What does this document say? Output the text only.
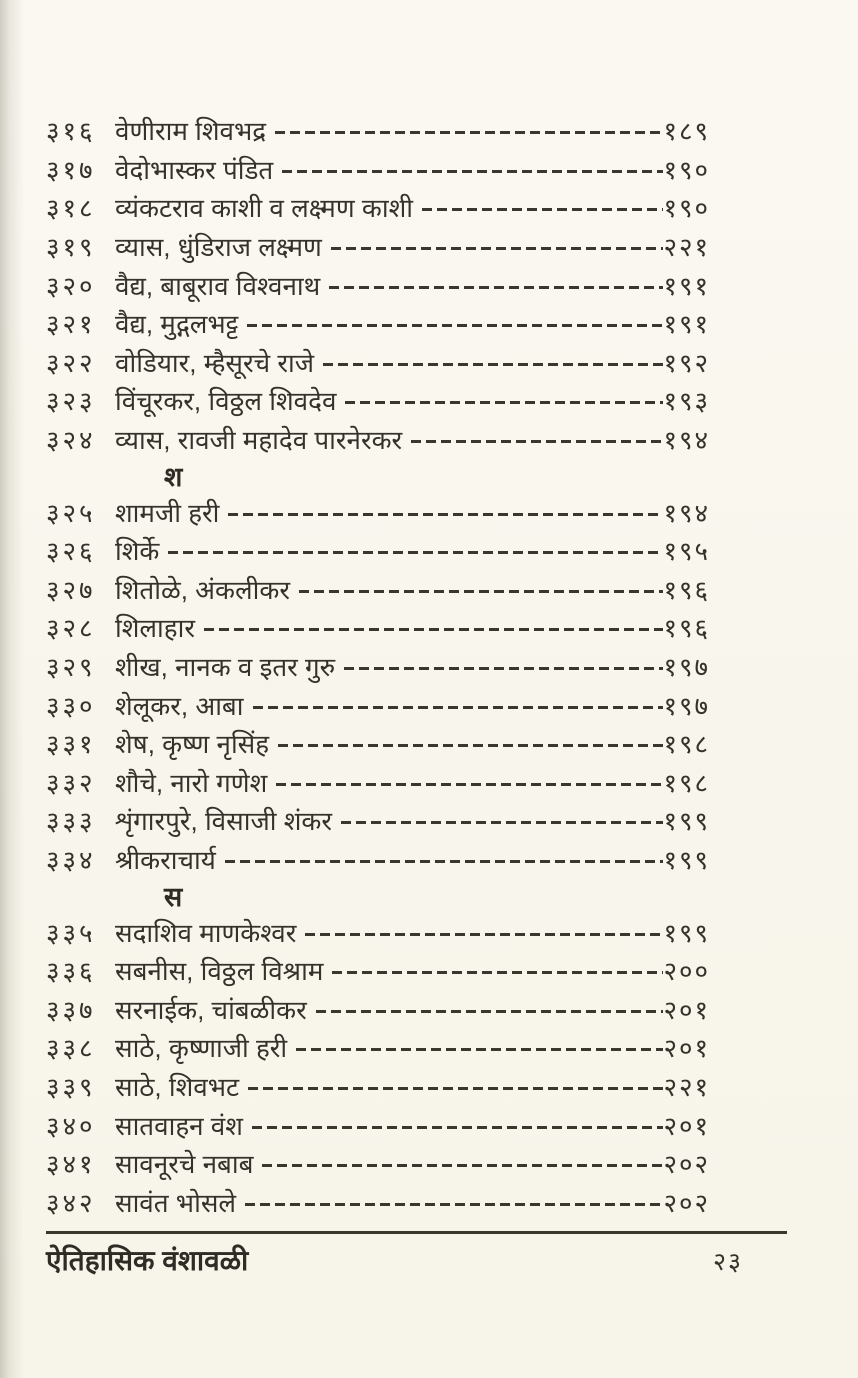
३१६ वेणीराम शिवभद्र	१८९
३१७ वेदोभास्कर पंडित	१९०
३१८ व्यंकटराव काशी व लक्ष्मण काशी	१९०
३१९ व्यास, धुंडिराज लक्ष्मण	२२१
३२० वैद्य, बाबूराव विश्वनाथ	१९१
३२१ वैद्य, मुद्गलभट्ट	१९१
३२२ वोडियार, म्हैसूरचे राजे	१९२
३२३ विंचूरकर, विठ्ठल शिवदेव	१९३
३२४ व्यास, रावजी महादेव पारनेरकर	१९४
श
३२५ शामजी हरी	१९४
३२६ शिर्के	१९५
३२७ शितोळे, अंकलीकर	१९६
३२८ शिलाहार	१९६
३२९ शीख, नानक व इतर गुरु	१९७
३३० शेलूकर, आबा	१९७
३३१ शेष, कृष्ण नृसिंह	१९८
३३२ शौचे, नारो गणेश	१९८
३३३ शृंगारपुरे, विसाजी शंकर	१९९
३३४ श्रीकराचार्य	१९९
स
३३५ सदाशिव माणकेश्वर	१९९
३३६ सबनीस, विठ्ठल विश्राम	२००
३३७ सरनाईक, चांबळीकर	२०१
३३८ साठे, कृष्णाजी हरी	२०१
३३९ साठे, शिवभट	२२१
३४० सातवाहन वंश	२०१
३४१ सावनूरचे नबाब	२०२
३४२ सावंत भोसले	२०२
ऐतिहासिक वंशावळी	२३
